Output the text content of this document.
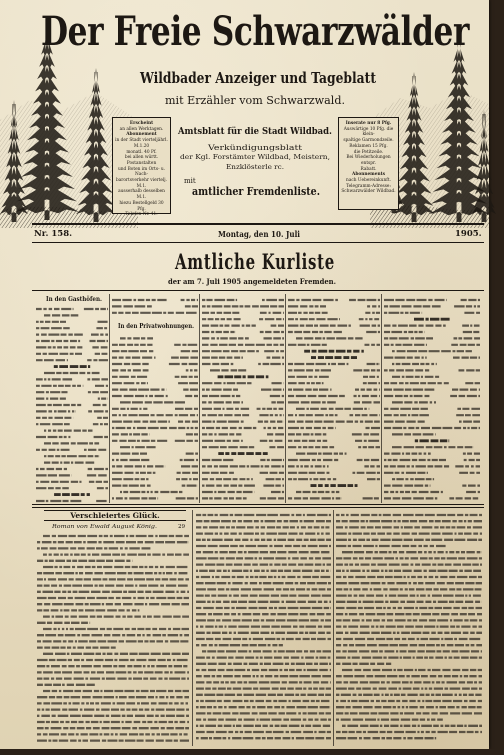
Der Freie Schwarzwälder
Wildbader Anzeiger und Tageblatt
mit Erzähler vom Schwarzwald.
Erscheint
an allen Werktagen.
Abonnement
in der Stadt vierteljährl. M.1.20
monatl. 40 Pf.
bei allen württ. Postanstalten
und Boten im Orts- u. Nach-
barortsverkehr viertelj. M.1.
ausserhalb desselben M.1.
hiezu Bestellgeld 30 Pfg.
Telefon Nr. 41.
Amtsblatt für die Stadt Wildbad.
Verkündigungsblatt
der Kgl. Forstämter Wildbad, Meistern,
Enzklösterle rc.
mit
amtlicher Fremdenliste.
Inserate nur 8 Pfg.
Auswärtige 10 Pfg. die klein-
spaltige Garmondzeile.
Reklamen 15 Pfg.
die Petitzeile.
Bei Wiederholungen entspr.
Rabatt.
Abonnements
nach Uebereinkunft.
Telegramm-Adresse:
Schwarzwälder Wildbad.
Nr. 158.	Montag, den 10. Juli	1905.
Amtliche Kurliste
der am 7. Juli 1905 angemeldeten Fremden.
In den Gasthöfen.
In den Privatwohnungen.
Verschleiertes Glück.
Roman von Ewald August König.	29
